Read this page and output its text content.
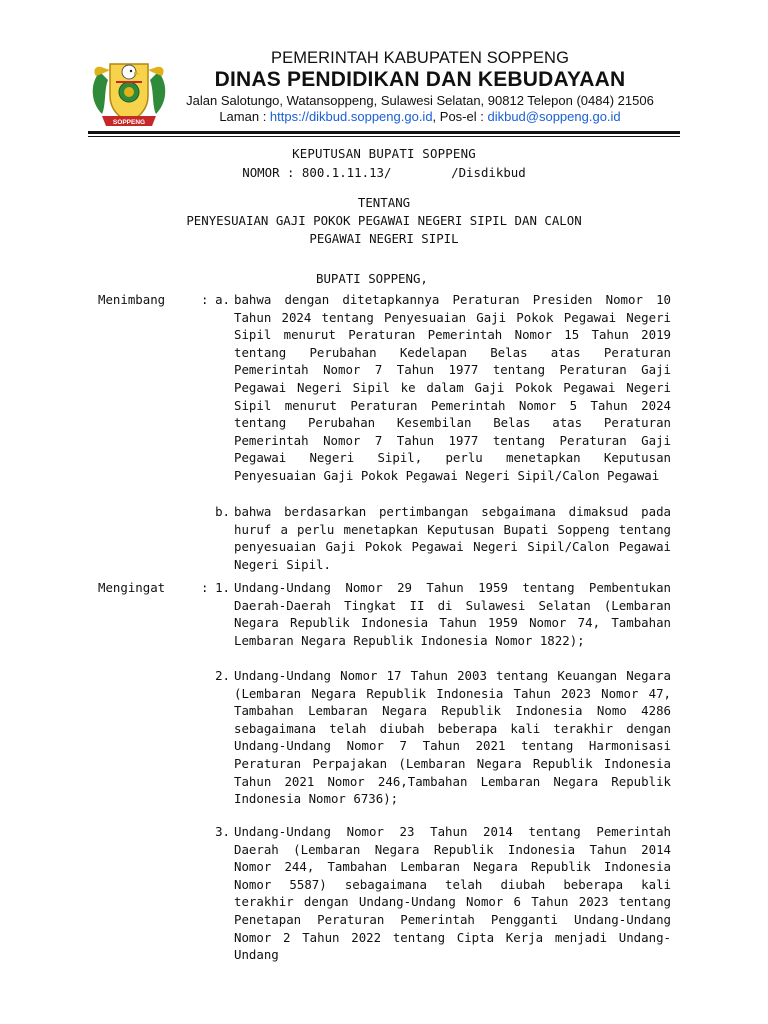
SOPPENG
PEMERINTAH KABUPATEN SOPPENG
DINAS PENDIDIKAN DAN KEBUDAYAAN
Jalan Salotungo, Watansoppeng, Sulawesi Selatan, 90812 Telepon (0484) 21506
Laman : https://dikbud.soppeng.go.id, Pos-el : dikbud@soppeng.go.id
KEPUTUSAN BUPATI SOPPENG
NOMOR : 800.1.11.13/        /Disdikbud
TENTANG
PENYESUAIAN GAJI POKOK PEGAWAI NEGERI SIPIL DAN CALON
PEGAWAI NEGERI SIPIL
BUPATI SOPPENG,
Menimbang	: a. bahwa dengan ditetapkannya Peraturan Presiden Nomor 10 Tahun 2024 tentang Penyesuaian Gaji Pokok Pegawai Negeri Sipil menurut Peraturan Pemerintah Nomor 15 Tahun 2019 tentang Perubahan Kedelapan Belas atas Peraturan Pemerintah Nomor 7 Tahun 1977 tentang Peraturan Gaji Pegawai Negeri Sipil ke dalam Gaji Pokok Pegawai Negeri Sipil menurut Peraturan Pemerintah Nomor 5 Tahun 2024 tentang Perubahan Kesembilan Belas atas Peraturan Pemerintah Nomor 7 Tahun 1977 tentang Peraturan Gaji Pegawai Negeri Sipil, perlu menetapkan Keputusan Penyesuaian Gaji Pokok Pegawai Negeri Sipil/Calon Pegawai
b. bahwa berdasarkan pertimbangan sebgaimana dimaksud pada huruf a perlu menetapkan Keputusan Bupati Soppeng tentang penyesuaian Gaji Pokok Pegawai Negeri Sipil/Calon Pegawai Negeri Sipil.
Mengingat	: 1. Undang-Undang Nomor 29 Tahun 1959 tentang Pembentukan Daerah-Daerah Tingkat II di Sulawesi Selatan (Lembaran Negara Republik Indonesia Tahun 1959 Nomor 74, Tambahan Lembaran Negara Republik Indonesia Nomor 1822);
2. Undang-Undang Nomor 17 Tahun 2003 tentang Keuangan Negara (Lembaran Negara Republik Indonesia Tahun 2023 Nomor 47, Tambahan Lembaran Negara Republik Indonesia Nomo 4286 sebagaimana telah diubah beberapa kali terakhir dengan Undang-Undang Nomor 7 Tahun 2021 tentang Harmonisasi Peraturan Perpajakan (Lembaran Negara Republik Indonesia Tahun 2021 Nomor 246,Tambahan Lembaran Negara Republik Indonesia Nomor 6736);
3. Undang-Undang Nomor 23 Tahun 2014 tentang Pemerintah Daerah (Lembaran Negara Republik Indonesia Tahun 2014 Nomor 244, Tambahan Lembaran Negara Republik Indonesia Nomor 5587) sebagaimana telah diubah beberapa kali terakhir dengan Undang-Undang Nomor 6 Tahun 2023 tentang Penetapan Peraturan Pemerintah Pengganti Undang-Undang Nomor 2 Tahun 2022 tentang Cipta Kerja menjadi Undang-Undang
